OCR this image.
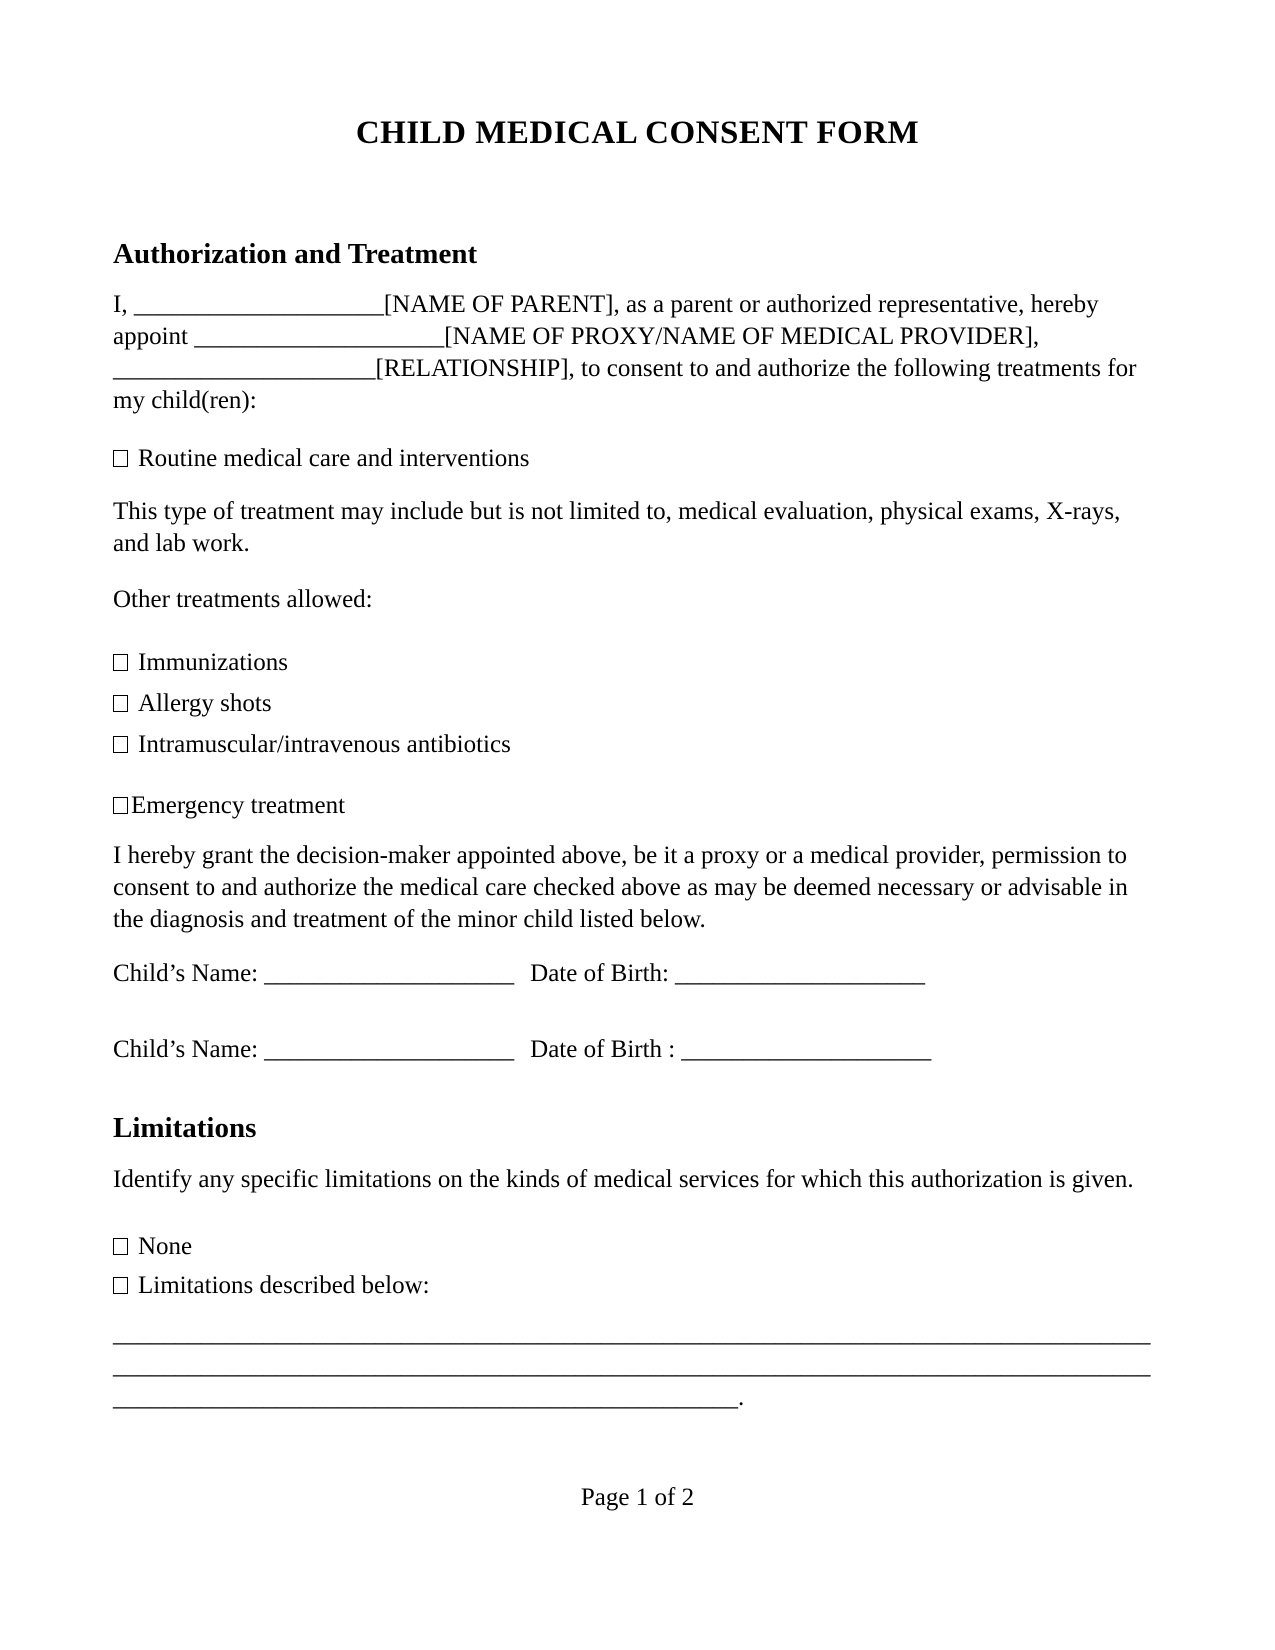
CHILD MEDICAL CONSENT FORM
Authorization and Treatment
I, ____________________[NAME OF PARENT], as a parent or authorized representative, hereby
appoint ____________________[NAME OF PROXY/NAME OF MEDICAL PROVIDER],
_____________________[RELATIONSHIP], to consent to and authorize the following treatments for
my child(ren):
Routine medical care and interventions
This type of treatment may include but is not limited to, medical evaluation, physical exams, X-rays,
and lab work.
Other treatments allowed:
Immunizations
Allergy shots
Intramuscular/intravenous antibiotics
Emergency treatment
I hereby grant the decision-maker appointed above, be it a proxy or a medical provider, permission to
consent to and authorize the medical care checked above as may be deemed necessary or advisable in
the diagnosis and treatment of the minor child listed below.
Child’s Name: ____________________ Date of Birth: ____________________
Child’s Name: ____________________ Date of Birth : ____________________
Limitations
Identify any specific limitations on the kinds of medical services for which this authorization is given.
None
Limitations described below:
___________________________________________________________________________________
___________________________________________________________________________________
__________________________________________________.
Page 1 of 2
